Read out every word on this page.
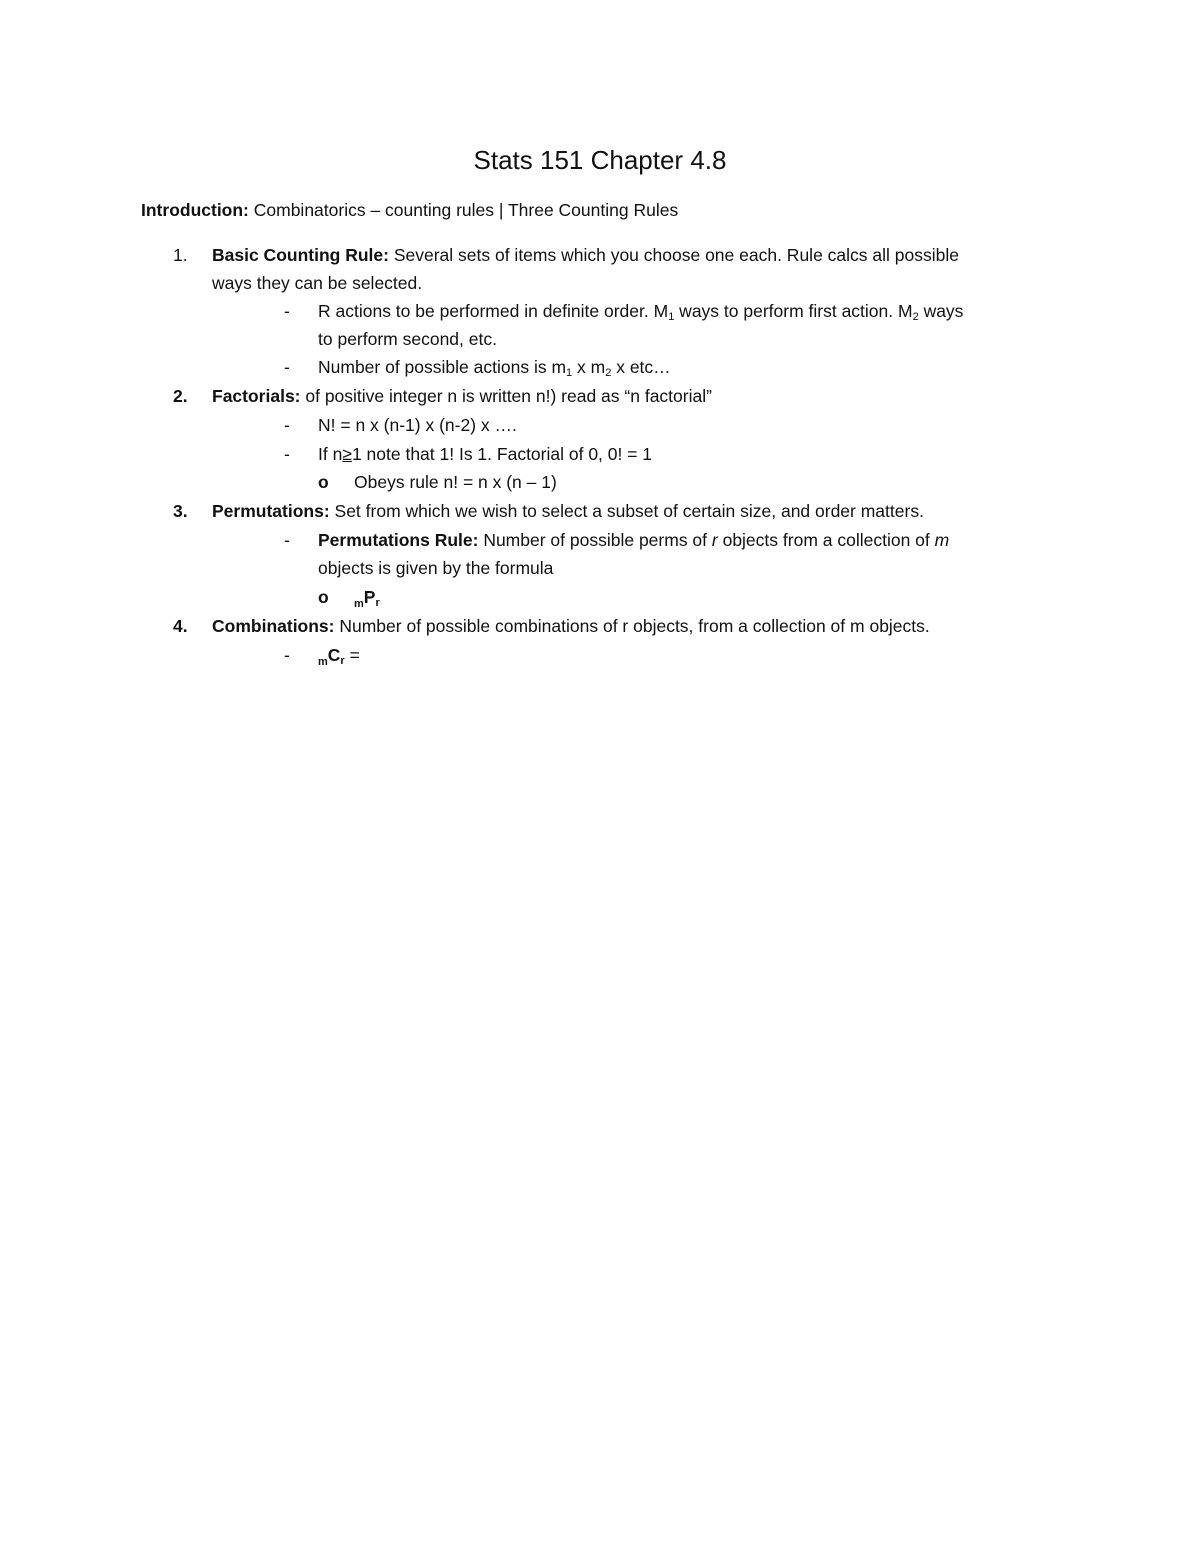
Stats 151 Chapter 4.8
Introduction: Combinatorics – counting rules | Three Counting Rules
1. Basic Counting Rule: Several sets of items which you choose one each. Rule calcs all possible
ways they can be selected.
- R actions to be performed in definite order. $M_1$ ways to perform first action. $M_2$ ways
to perform second, etc.
- Number of possible actions is $m_1$ x $m_2$ x etc…
2. Factorials: of positive integer n is written n!) read as “n factorial”
- N! = n x (n-1) x (n-2) x ….
- If n≥1 note that 1! Is 1. Factorial of 0, 0! = 1
o Obeys rule n! = n x (n – 1)
3. Permutations: Set from which we wish to select a subset of certain size, and order matters.
- Permutations Rule: Number of possible perms of r objects from a collection of m
objects is given by the formula
o $_mP_r$
4. Combinations: Number of possible combinations of r objects, from a collection of m objects.
-	$_mC_r$ =
